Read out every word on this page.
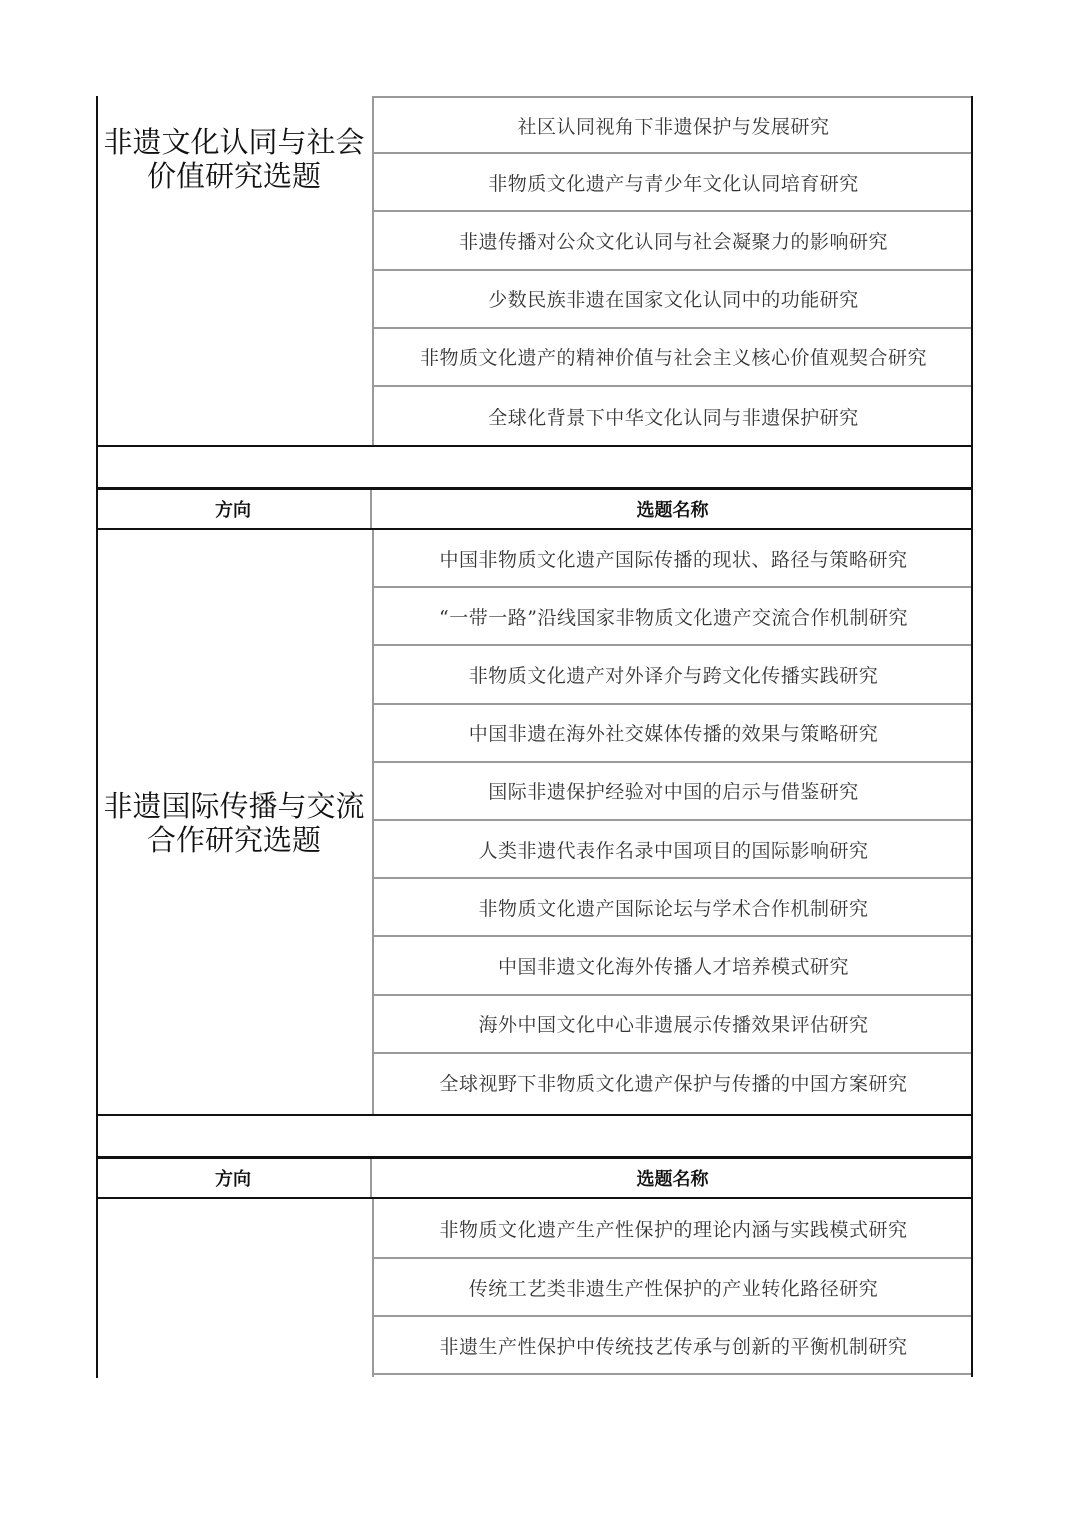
非遗文化认同与社会
价值研究选题
社区认同视角下非遗保护与发展研究
非物质文化遗产与青少年文化认同培育研究
非遗传播对公众文化认同与社会凝聚力的影响研究
少数民族非遗在国家文化认同中的功能研究
非物质文化遗产的精神价值与社会主义核心价值观契合研究
全球化背景下中华文化认同与非遗保护研究
方向	选题名称
非遗国际传播与交流
合作研究选题
中国非物质文化遗产国际传播的现状、路径与策略研究
“一带一路”沿线国家非物质文化遗产交流合作机制研究
非物质文化遗产对外译介与跨文化传播实践研究
中国非遗在海外社交媒体传播的效果与策略研究
国际非遗保护经验对中国的启示与借鉴研究
人类非遗代表作名录中国项目的国际影响研究
非物质文化遗产国际论坛与学术合作机制研究
中国非遗文化海外传播人才培养模式研究
海外中国文化中心非遗展示传播效果评估研究
全球视野下非物质文化遗产保护与传播的中国方案研究
方向	选题名称
非物质文化遗产生产性保护的理论内涵与实践模式研究
传统工艺类非遗生产性保护的产业转化路径研究
非遗生产性保护中传统技艺传承与创新的平衡机制研究
